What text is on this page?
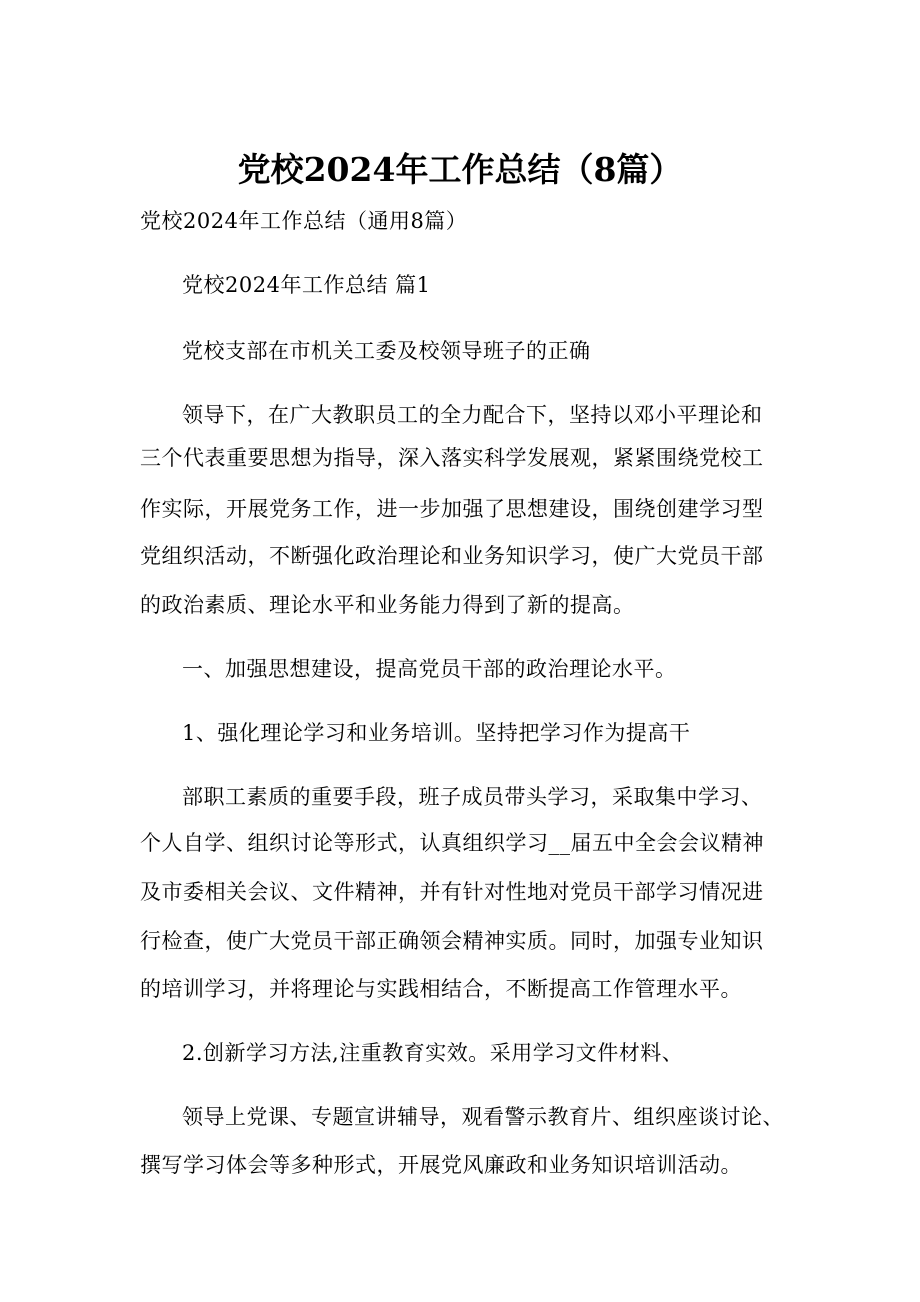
党校2024年工作总结（8篇）
党校2024年工作总结（通用8篇）
党校2024年工作总结 篇1
党校支部在市机关工委及校领导班子的正确
领导下，在广大教职员工的全力配合下，坚持以邓小平理论和
三个代表重要思想为指导，深入落实科学发展观，紧紧围绕党校工
作实际，开展党务工作，进一步加强了思想建设，围绕创建学习型
党组织活动，不断强化政治理论和业务知识学习，使广大党员干部
的政治素质、理论水平和业务能力得到了新的提高。
一、加强思想建设，提高党员干部的政治理论水平。
1、强化理论学习和业务培训。坚持把学习作为提高干
部职工素质的重要手段，班子成员带头学习，采取集中学习、
个人自学、组织讨论等形式，认真组织学习__届五中全会会议精神
及市委相关会议、文件精神，并有针对性地对党员干部学习情况进
行检查，使广大党员干部正确领会精神实质。同时，加强专业知识
的培训学习，并将理论与实践相结合，不断提高工作管理水平。
2.创新学习方法,注重教育实效。采用学习文件材料、
领导上党课、专题宣讲辅导，观看警示教育片、组织座谈讨论、
撰写学习体会等多种形式，开展党风廉政和业务知识培训活动。
